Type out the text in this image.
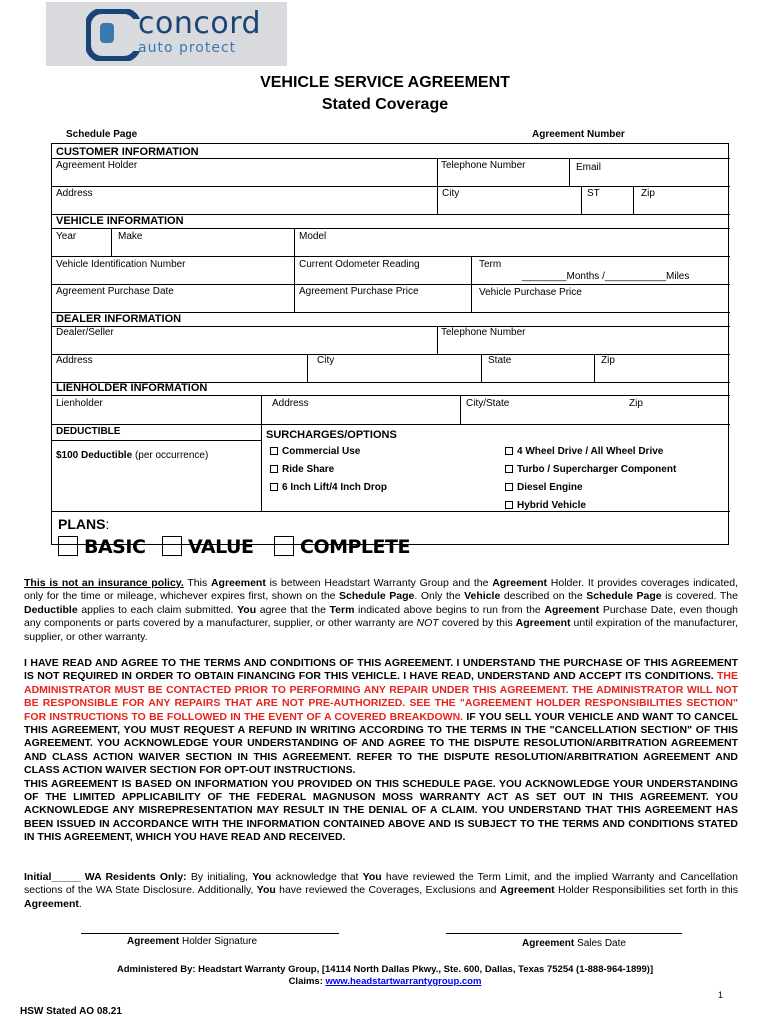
concord
auto protect
VEHICLE SERVICE AGREEMENT
Stated Coverage
Schedule Page	Agreement Number
CUSTOMER INFORMATION
Agreement Holder	Telephone Number	Email
Address	City	ST	Zip
VEHICLE INFORMATION
Year	Make	Model
Vehicle Identification Number	Current Odometer Reading	Term
________Months /___________Miles
Agreement Purchase Date	Agreement Purchase Price	Vehicle Purchase Price
DEALER INFORMATION
Dealer/Seller	Telephone Number
Address	City	State	Zip
LIENHOLDER INFORMATION
Lienholder	Address	City/State	Zip
DEDUCTIBLE
$100 Deductible (per occurrence)
SURCHARGES/OPTIONS
Commercial Use
Ride Share
6 Inch Lift/4 Inch Drop
4 Wheel Drive / All Wheel Drive
Turbo / Supercharger Component
Diesel Engine
Hybrid Vehicle
PLANS:
BASIC	VALUE	COMPLETE
This is not an insurance policy. This Agreement is between Headstart Warranty Group and the Agreement Holder. It provides coverages indicated, only for the time or mileage, whichever expires first, shown on the Schedule Page. Only the Vehicle described on the Schedule Page is covered. The Deductible applies to each claim submitted. You agree that the Term indicated above begins to run from the Agreement Purchase Date, even though any components or parts covered by a manufacturer, supplier, or other warranty are NOT covered by this Agreement until expiration of the manufacturer, supplier, or other warranty.
I HAVE READ AND AGREE TO THE TERMS AND CONDITIONS OF THIS AGREEMENT. I UNDERSTAND THE PURCHASE OF THIS AGREEMENT IS NOT REQUIRED IN ORDER TO OBTAIN FINANCING FOR THIS VEHICLE. I HAVE READ, UNDERSTAND AND ACCEPT ITS CONDITIONS. THE ADMINISTRATOR MUST BE CONTACTED PRIOR TO PERFORMING ANY REPAIR UNDER THIS AGREEMENT. THE ADMINISTRATOR WILL NOT BE RESPONSIBLE FOR ANY REPAIRS THAT ARE NOT PRE-AUTHORIZED. SEE THE "AGREEMENT HOLDER RESPONSIBILITIES SECTION" FOR INSTRUCTIONS TO BE FOLLOWED IN THE EVENT OF A COVERED BREAKDOWN. IF YOU SELL YOUR VEHICLE AND WANT TO CANCEL THIS AGREEMENT, YOU MUST REQUEST A REFUND IN WRITING ACCORDING TO THE TERMS IN THE "CANCELLATION SECTION" OF THIS AGREEMENT. YOU ACKNOWLEDGE YOUR UNDERSTANDING OF AND AGREE TO THE DISPUTE RESOLUTION/ARBITRATION AGREEMENT AND CLASS ACTION WAIVER SECTION IN THIS AGREEMENT. REFER TO THE DISPUTE RESOLUTION/ARBITRATION AGREEMENT AND CLASS ACTION WAIVER SECTION FOR OPT-OUT INSTRUCTIONS.
THIS AGREEMENT IS BASED ON INFORMATION YOU PROVIDED ON THIS SCHEDULE PAGE. YOU ACKNOWLEDGE YOUR UNDERSTANDING OF THE LIMITED APPLICABILITY OF THE FEDERAL MAGNUSON MOSS WARRANTY ACT AS SET OUT IN THIS AGREEMENT. YOU ACKNOWLEDGE ANY MISREPRESENTATION MAY RESULT IN THE DENIAL OF A CLAIM. YOU UNDERSTAND THAT THIS AGREEMENT HAS BEEN ISSUED IN ACCORDANCE WITH THE INFORMATION CONTAINED ABOVE AND IS SUBJECT TO THE TERMS AND CONDITIONS STATED IN THIS AGREEMENT, WHICH YOU HAVE READ AND RECEIVED.
Initial_____ WA Residents Only: By initialing, You acknowledge that You have reviewed the Term Limit, and the implied Warranty and Cancellation sections of the WA State Disclosure. Additionally, You have reviewed the Coverages, Exclusions and Agreement Holder Responsibilities set forth in this Agreement.
Agreement Holder Signature	Agreement Sales Date
Administered By: Headstart Warranty Group, [14114 North Dallas Pkwy., Ste. 600, Dallas, Texas 75254 (1-888-964-1899)]
Claims: www.headstartwarrantygroup.com
1
HSW Stated AO 08.21
